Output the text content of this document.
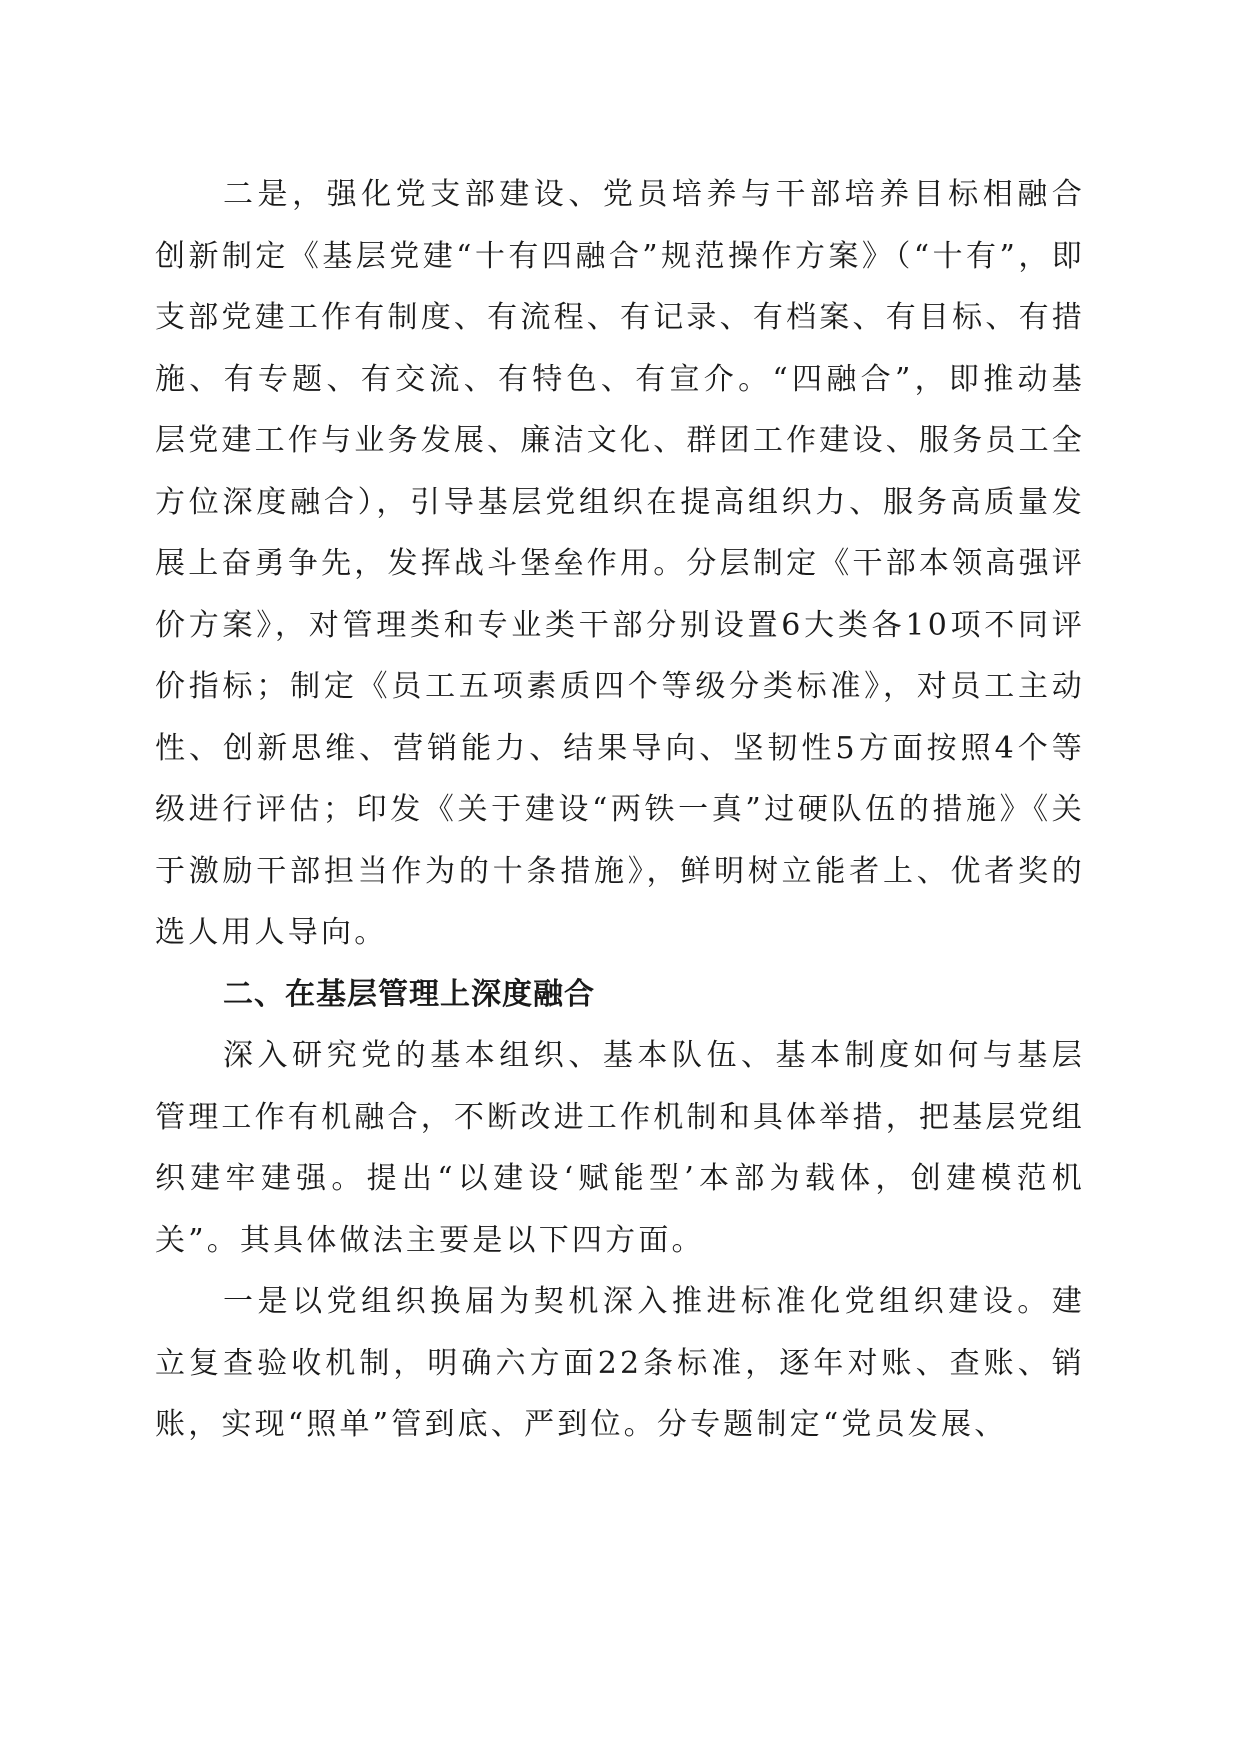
二是，强化党支部建设、党员培养与干部培养目标相融合创新制定《基层党建“十有四融合”规范操作方案》（“十有”，即支部党建工作有制度、有流程、有记录、有档案、有目标、有措施、有专题、有交流、有特色、有宣介。“四融合”，即推动基层党建工作与业务发展、廉洁文化、群团工作建设、服务员工全方位深度融合），引导基层党组织在提高组织力、服务高质量发展上奋勇争先，发挥战斗堡垒作用。分层制定《干部本领高强评价方案》，对管理类和专业类干部分别设置6大类各10项不同评价指标；制定《员工五项素质四个等级分类标准》，对员工主动性、创新思维、营销能力、结果导向、坚韧性5方面按照4个等级进行评估；印发《关于建设“两铁一真”过硬队伍的措施》《关于激励干部担当作为的十条措施》，鲜明树立能者上、优者奖的选人用人导向。

二、在基层管理上深度融合

深入研究党的基本组织、基本队伍、基本制度如何与基层管理工作有机融合，不断改进工作机制和具体举措，把基层党组织建牢建强。提出“以建设‘赋能型’本部为载体，创建模范机关”。其具体做法主要是以下四方面。

一是以党组织换届为契机深入推进标准化党组织建设。建立复查验收机制，明确六方面22条标准，逐年对账、查账、销账，实现“照单”管到底、严到位。分专题制定“党员发展、
